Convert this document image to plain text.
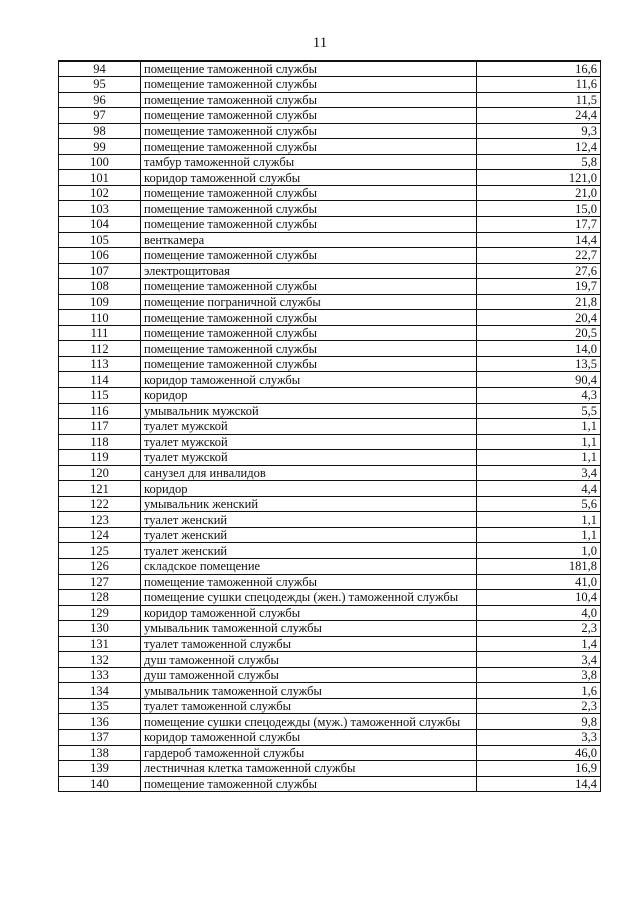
11
94	помещение таможенной службы	16,6
95	помещение таможенной службы	11,6
96	помещение таможенной службы	11,5
97	помещение таможенной службы	24,4
98	помещение таможенной службы	9,3
99	помещение таможенной службы	12,4
100	тамбур таможенной службы	5,8
101	коридор таможенной службы	121,0
102	помещение таможенной службы	21,0
103	помещение таможенной службы	15,0
104	помещение таможенной службы	17,7
105	венткамера	14,4
106	помещение таможенной службы	22,7
107	электрощитовая	27,6
108	помещение таможенной службы	19,7
109	помещение пограничной службы	21,8
110	помещение таможенной службы	20,4
111	помещение таможенной службы	20,5
112	помещение таможенной службы	14,0
113	помещение таможенной службы	13,5
114	коридор таможенной службы	90,4
115	коридор	4,3
116	умывальник мужской	5,5
117	туалет мужской	1,1
118	туалет мужской	1,1
119	туалет мужской	1,1
120	санузел для инвалидов	3,4
121	коридор	4,4
122	умывальник женский	5,6
123	туалет женский	1,1
124	туалет женский	1,1
125	туалет женский	1,0
126	складское помещение	181,8
127	помещение таможенной службы	41,0
128	помещение сушки спецодежды (жен.) таможенной службы	10,4
129	коридор таможенной службы	4,0
130	умывальник таможенной службы	2,3
131	туалет таможенной службы	1,4
132	душ таможенной службы	3,4
133	душ таможенной службы	3,8
134	умывальник таможенной службы	1,6
135	туалет таможенной службы	2,3
136	помещение сушки спецодежды (муж.) таможенной службы	9,8
137	коридор таможенной службы	3,3
138	гардероб таможенной службы	46,0
139	лестничная клетка таможенной службы	16,9
140	помещение таможенной службы	14,4
